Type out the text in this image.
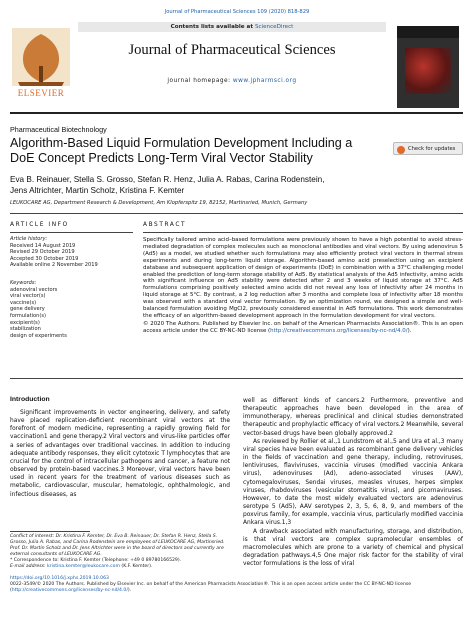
Journal of Pharmaceutical Sciences 109 (2020) 818-829
ELSEVIER
Contents lists available at ScienceDirect
Journal of Pharmaceutical Sciences
journal homepage: www.jpharmsci.org
Pharmaceutical Biotechnology
Algorithm-Based Liquid Formulation Development Including a DoE Concept Predicts Long-Term Viral Vector Stability
Check for updates
Eva B. Reinauer, Stella S. Grosso, Stefan R. Henz, Julia A. Rabas, Carina Rodenstein,
Jens Altrichter, Martin Scholz, Kristina F. Kemter
LEUKOCARE AG, Department Research & Development, Am Klopferspitz 19, 82152, Martinsried, Munich, Germany
ARTICLE INFO
Article history:
Received 14 August 2019
Revised 29 October 2019
Accepted 30 October 2019
Available online 2 November 2019
Keywords:
adenoviral vectors
viral vector(s)
vaccine(s)
gene delivery
formulation(s)
excipient(s)
stabilization
design of experiments
ABSTRACT
Specifically tailored amino acid–based formulations were previously shown to have a high potential to avoid stress-mediated degradation of complex molecules such as monoclonal antibodies and viral vectors. By using adenovirus 5 (Ad5) as a model, we studied whether such formulations may also efficiently protect viral vectors in thermal stress experiments and during long-term liquid storage. Algorithm-based amino acid preselection using an excipient database and subsequent application of design of experiments (DoE) in combination with a 37°C challenging model enabled the prediction of long-term storage stability of Ad5. By statistical analysis of the Ad5 infectivity, amino acids with significant influence on Ad5 stability were detected after 2 and 3 weeks of liquid storage at 37°C. Ad5 formulations comprising positively selected amino acids did not reveal any loss of infectivity after 24 months in liquid storage at 5°C. By contrast, a 2 log reduction after 3 months and complete loss of infectivity after 18 months was observed with a standard viral vector formulation. By an optimization round, we designed a simple and well-balanced formulation avoiding MgCl2, previously considered essential in Ad5 formulations. This work demonstrates the efficacy of an algorithm-based development approach in the formulation development for viral vectors.
© 2020 The Authors. Published by Elsevier Inc. on behalf of the American Pharmacists Association®. This is an open access article under the CC BY-NC-ND license (http://creativecommons.org/licenses/by-nc-nd/4.0/).
Introduction
Significant improvements in vector engineering, delivery, and safety have placed replication-deficient recombinant viral vectors at the forefront of modern medicine, representing a rapidly growing field for vaccination1 and gene therapy.2 Viral vectors and virus-like particles offer a series of advantages over traditional vaccines. In addition to inducing adequate antibody responses, they elicit cytotoxic T lymphocytes that are crucial for the control of intracellular pathogens and cancer, a feature not observed by protein-based vaccines.3 Moreover, viral vectors have been used in recent years for the treatment of various diseases such as metabolic, cardiovascular, muscular, hematologic, ophthalmologic, and infectious diseases, as
well as different kinds of cancers.2 Furthermore, preventive and therapeutic approaches have been developed in the area of immunotherapy, whereas preclinical and clinical studies demonstrated therapeutic and prophylactic efficacy of viral vectors.2 Meanwhile, several vector-based drugs have been globally approved.2
As reviewed by Rollier et al.,1 Lundstrom et al.,5 and Ura et al.,3 many viral species have been evaluated as recombinant gene delivery vehicles in the fields of vaccination and gene therapy, including, retroviruses, lentiviruses, flaviviruses, vaccinia viruses (modified vaccinia Ankara virus), adenoviruses (Ad), adeno-associated viruses (AAV), cytomegaloviruses, Sendai viruses, measles viruses, herpes simplex viruses, rhabdoviruses (vesicular stomatitis virus), and picornaviruses. However, to date the most widely evaluated vectors are adenovirus serotype 5 (Ad5), AAV serotypes 2, 3, 5, 6, 8, 9, and members of the poxvirus family, for example, vaccinia virus, particularly modified vaccinia Ankara virus.1,3
A drawback associated with manufacturing, storage, and distribution, is that viral vectors are complex supramolecular ensembles of macromolecules which are prone to a variety of chemical and physical degradation pathways.4,5 One major risk factor for the stability of viral vector formulations is the loss of viral
Conflict of interest: Dr. Kristina F. Kemter, Dr. Eva B. Reinauer, Dr. Stefan R. Henz, Stella S. Grosso, Julia A. Rabas, and Carina Rodenstein are employees of LEUKOCARE AG, Martinsried. Prof. Dr. Martin Scholz and Dr. Jens Altrichter were in the board of directors and currently are external consultants of LEUKOCARE AG.
* Correspondence to: Kristina F. Kemter (Telephone: +49 0 89780166529).
E-mail address: kristina.kemter@leukocare.com (K.F. Kemter).
https://doi.org/10.1016/j.xphs.2019.10.063
0022-3549/© 2020 The Authors. Published by Elsevier Inc. on behalf of the American Pharmacists Association®. This is an open access article under the CC BY-NC-ND license (http://creativecommons.org/licenses/by-nc-nd/4.0/).
